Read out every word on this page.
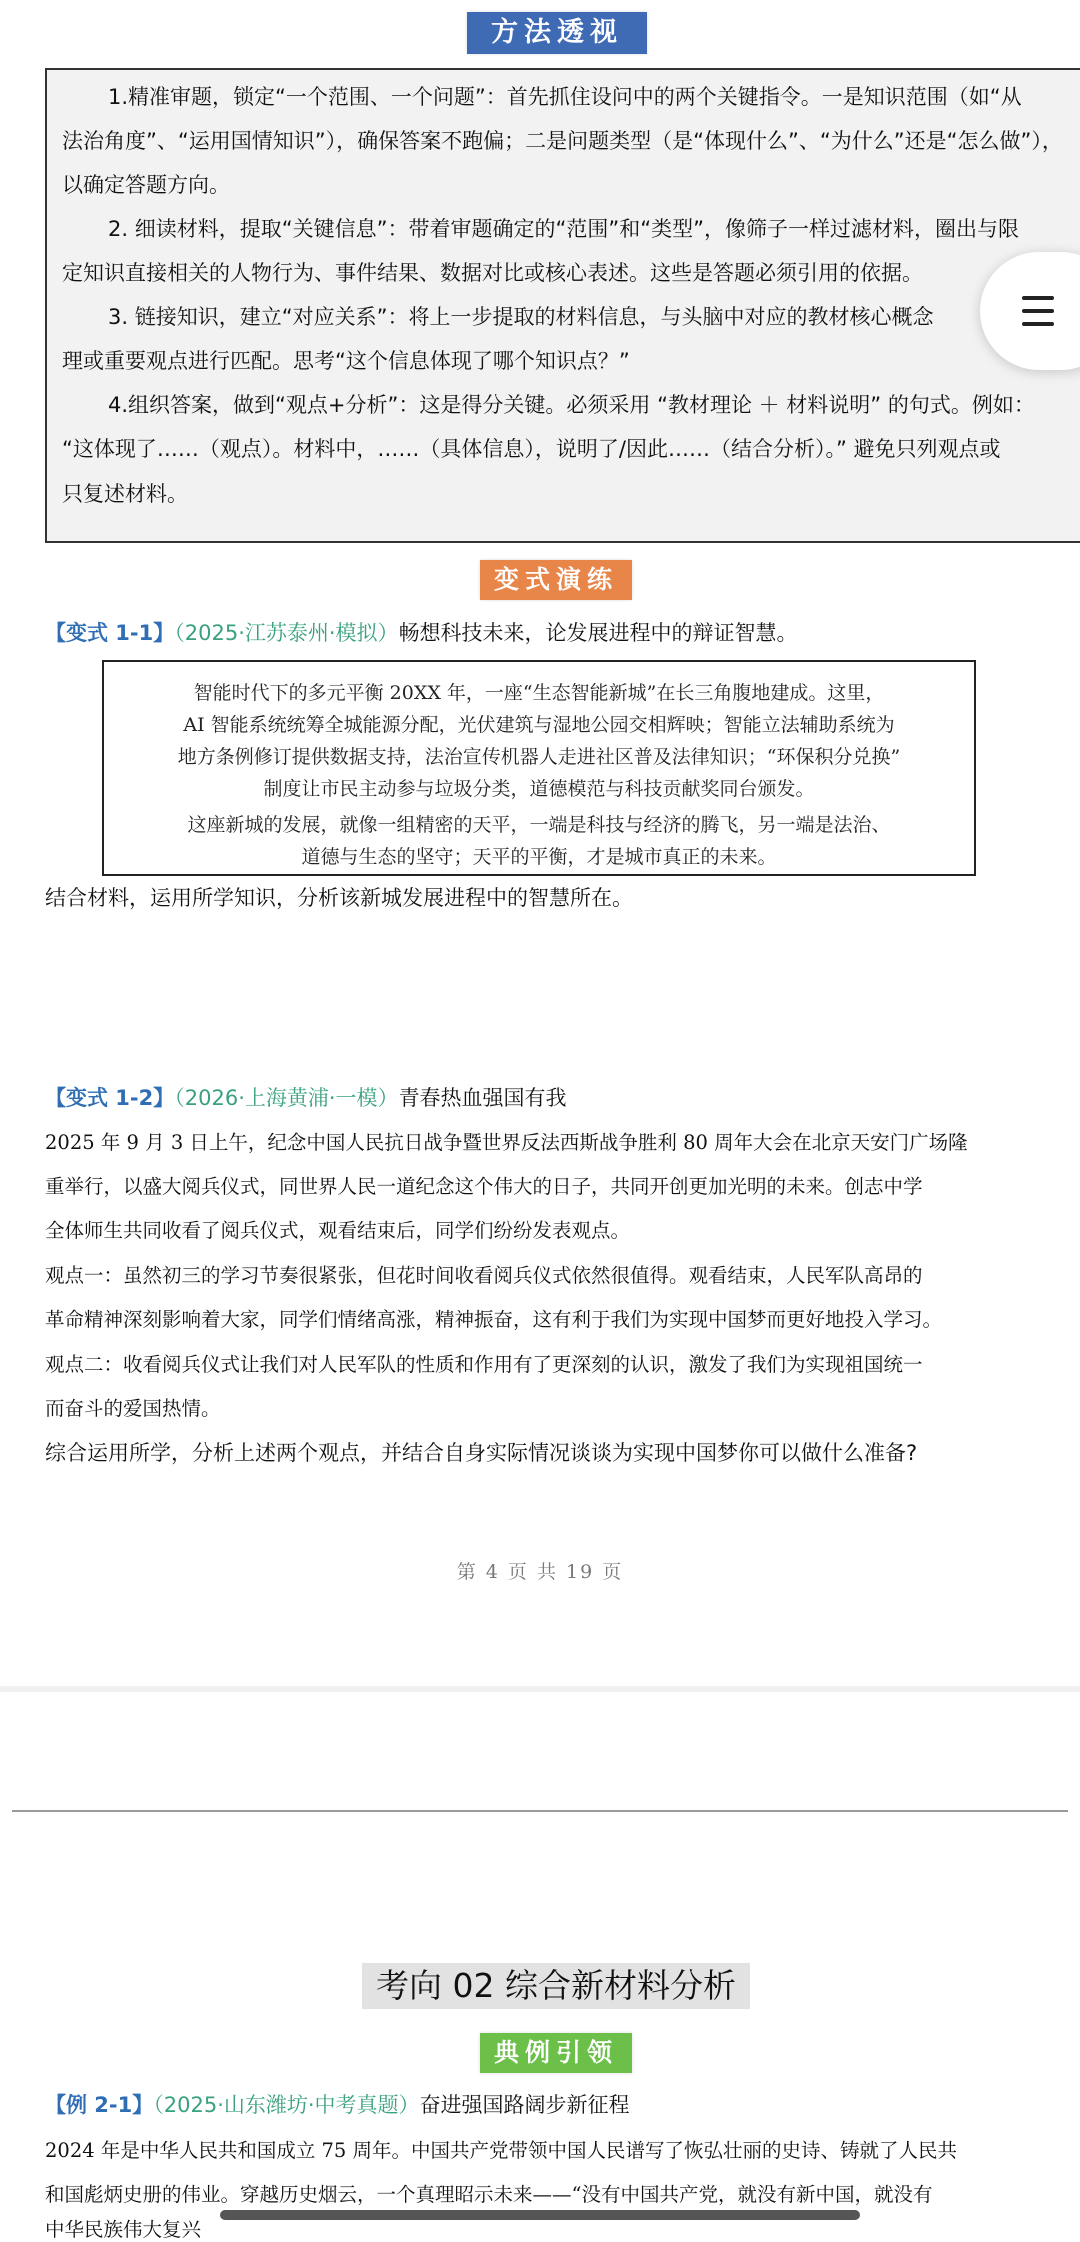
方法透视
1.精准审题，锁定“一个范围、一个问题”：首先抓住设问中的两个关键指令。一是知识范围（如“从
法治角度”、“运用国情知识”），确保答案不跑偏；二是问题类型（是“体现什么”、“为什么”还是“怎么做”），
以确定答题方向。
2. 细读材料，提取“关键信息”：带着审题确定的“范围”和“类型”，像筛子一样过滤材料，圈出与限
定知识直接相关的人物行为、事件结果、数据对比或核心表述。这些是答题必须引用的依据。
3. 链接知识，建立“对应关系”：将上一步提取的材料信息，与头脑中对应的教材核心概念
理或重要观点进行匹配。思考“这个信息体现了哪个知识点？”
4.组织答案，做到“观点+分析”：这是得分关键。必须采用 “教材理论 ＋ 材料说明” 的句式。例如：
“这体现了……（观点）。材料中，……（具体信息），说明了/因此……（结合分析）。” 避免只列观点或
只复述材料。
变式演练
【变式 1-1】（2025·江苏泰州·模拟）畅想科技未来，论发展进程中的辩证智慧。
智能时代下的多元平衡 20XX 年，一座“生态智能新城”在长三角腹地建成。这里，
AI 智能系统统筹全城能源分配，光伏建筑与湿地公园交相辉映；智能立法辅助系统为
地方条例修订提供数据支持，法治宣传机器人走进社区普及法律知识；“环保积分兑换”
制度让市民主动参与垃圾分类，道德模范与科技贡献奖同台颁发。
这座新城的发展，就像一组精密的天平，一端是科技与经济的腾飞，另一端是法治、
道德与生态的坚守；天平的平衡，才是城市真正的未来。
结合材料，运用所学知识，分析该新城发展进程中的智慧所在。
【变式 1-2】（2026·上海黄浦·一模）青春热血强国有我
2025 年 9 月 3 日上午，纪念中国人民抗日战争暨世界反法西斯战争胜利 80 周年大会在北京天安门广场隆
重举行，以盛大阅兵仪式，同世界人民一道纪念这个伟大的日子，共同开创更加光明的未来。创志中学
全体师生共同收看了阅兵仪式，观看结束后，同学们纷纷发表观点。
观点一：虽然初三的学习节奏很紧张，但花时间收看阅兵仪式依然很值得。观看结束，人民军队高昂的
革命精神深刻影响着大家，同学们情绪高涨，精神振奋，这有利于我们为实现中国梦而更好地投入学习。
观点二：收看阅兵仪式让我们对人民军队的性质和作用有了更深刻的认识，激发了我们为实现祖国统一
而奋斗的爱国热情。
综合运用所学，分析上述两个观点，并结合自身实际情况谈谈为实现中国梦你可以做什么准备?
第 4 页 共 19 页
考向 02 综合新材料分析
典例引领
【例 2-1】（2025·山东潍坊·中考真题）奋进强国路阔步新征程
2024 年是中华人民共和国成立 75 周年。中国共产党带领中国人民谱写了恢弘壮丽的史诗、铸就了人民共
和国彪炳史册的伟业。穿越历史烟云，一个真理昭示未来——“没有中国共产党，就没有新中国，就没有
中华民族伟大复兴
